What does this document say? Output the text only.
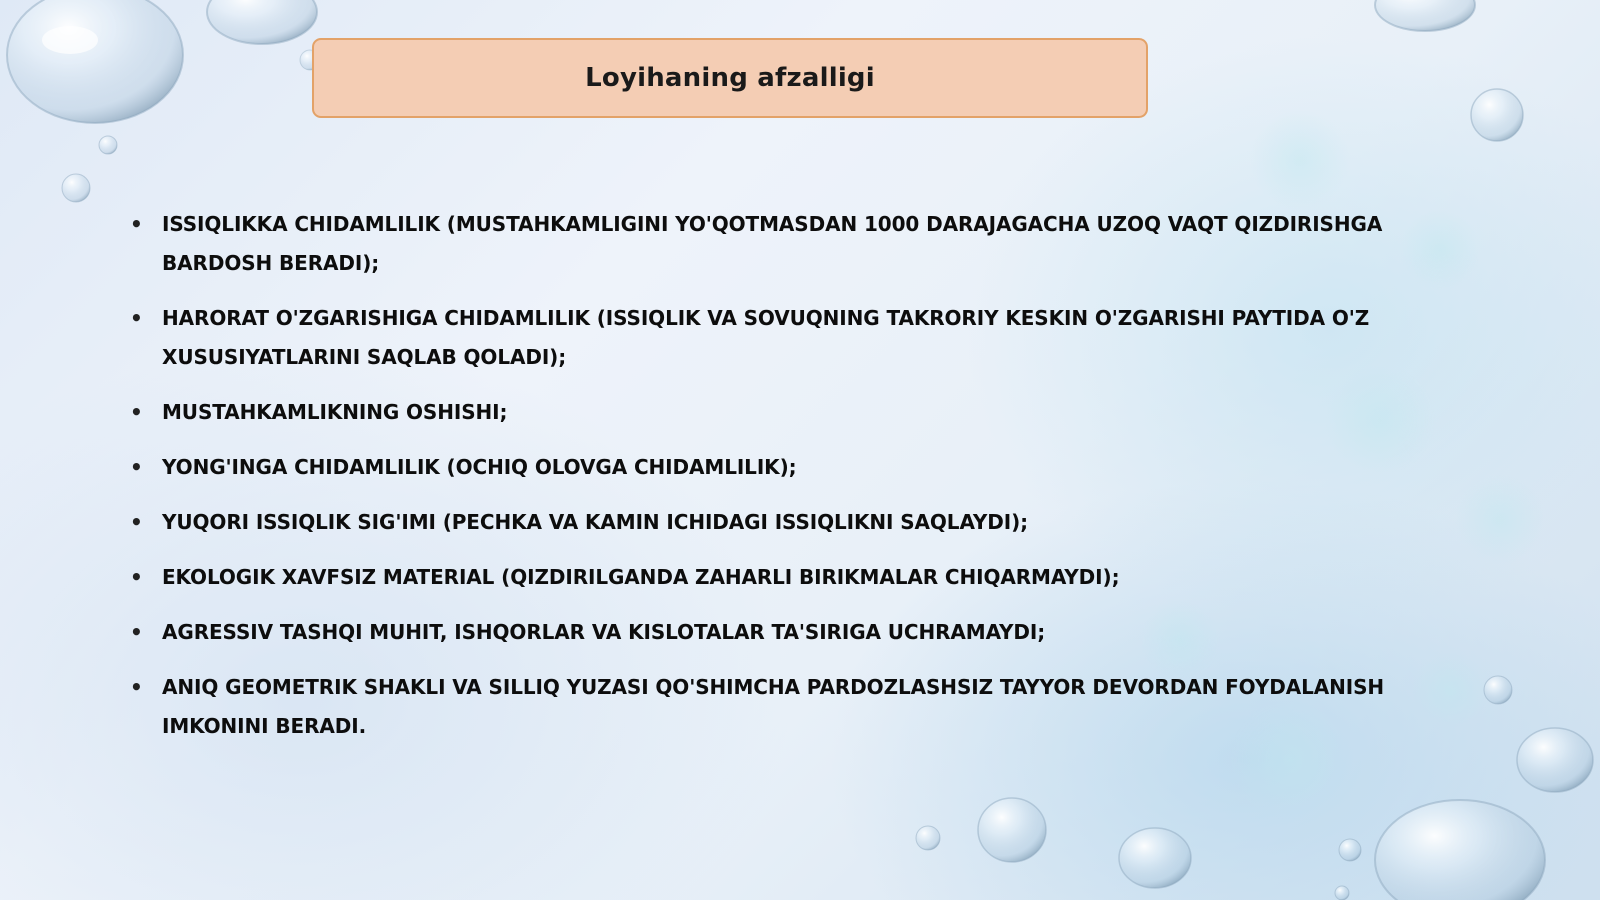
Loyihaning afzalligi
• ISSIQLIKKA CHIDAMLILIK (MUSTAHKAMLIGINI YO'QOTMASDAN 1000 DARAJAGACHA UZOQ VAQT QIZDIRISHGA BARDOSH BERADI);
• HARORAT O'ZGARISHIGA CHIDAMLILIK (ISSIQLIK VA SOVUQNING TAKRORIY KESKIN O'ZGARISHI PAYTIDA O'Z XUSUSIYATLARINI SAQLAB QOLADI);
• MUSTAHKAMLIKNING OSHISHI;
• YONG'INGA CHIDAMLILIK (OCHIQ OLOVGA CHIDAMLILIK);
• YUQORI ISSIQLIK SIG'IMI (PECHKA VA KAMIN ICHIDAGI ISSIQLIKNI SAQLAYDI);
• EKOLOGIK XAVFSIZ MATERIAL (QIZDIRILGANDA ZAHARLI BIRIKMALAR CHIQARMAYDI);
• AGRESSIV TASHQI MUHIT, ISHQORLAR VA KISLOTALAR TA'SIRIGA UCHRAMAYDI;
• ANIQ GEOMETRIK SHAKLI VA SILLIQ YUZASI QO'SHIMCHA PARDOZLASHSIZ TAYYOR DEVORDAN FOYDALANISH IMKONINI BERADI.
